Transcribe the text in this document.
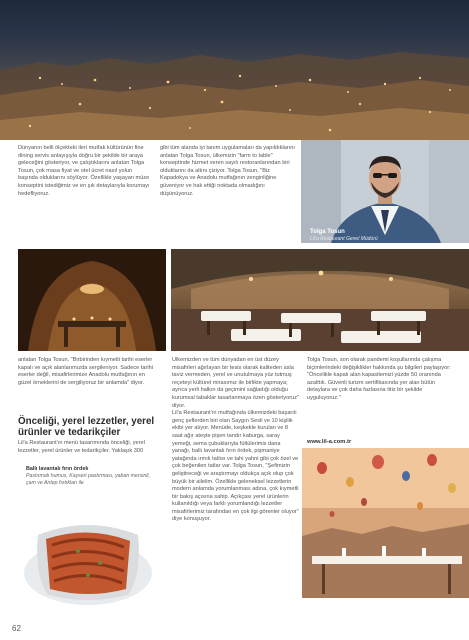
Dünyanın belli ölçekteki ileri mutfak kültürünün fine dining servis anlayışıyla doğru bir şekilde bir araya geleceğini gösteriyor, ve çalıştıklarını anlatan Tolga Tosun, çok masa fiyat ve otel ücret nasıl yolun başında olduklarını söylüyor. Özellikle yaşayan müze konseptini istediğimiz ve en şık detaylarıyla korumayı hedefliyoruz.
gibi tüm alanda iyi tanım uygulamaları da yapıldıklarını anlatan Tolga Tosun, ülkemizin "farm to table" konseptinde hizmet veren sayılı restoranlarından biri olduklarını da altını çiziyor. Tolga Tosun, "Biz Kapadokya ve Anadolu mutfağının zenginliğine güveniyor ve hak ettiği noktada olmadığını düşünüyoruz.
Tolga Tosun
Lil'a Restaurant Genel Müdürü
anlatan Tolga Tosun, "Birbirinden kıymetli tarihi eserler kapalı ve açık alanlarımızda sergileniyor. Sadece tarihi eserler değil, misafirlerimize Anadolu mutfağının en güzel örneklerini de sergiliyoruz bir anlamda" diyor.
Önceliği, yerel lezzetler, yerel ürünler ve tedarikçiler
Lil'a Restaurant'ın menü tasarımında önceliği, yerel lezzetler, yerel ürünler ve tedarikçiler. Yaklaşık 300
Ballı lavantalı fırın ördek
Pastırmalı humus, Kayseri pastırması, yaban mersinli, çam ve Antep fıstıkları ile
Ülkemizden ve tüm dünyadan en üst düzey misafirleri ağırlayan bir tesis olarak kaliteden asla taviz vermeden, yerel ve unutulmaya yüz tutmuş reçeteyi kültürel mirasımız ile birlikte yapmaya; ayrıca yerli halkın da geçimini sağladığı olduğu kurumsal tabaklar tasarlanmaya özen gösteriyoruz" diyor.
Lil'a Restaurant'ın mutfağında ülkemizdeki başarılı genç şeflerden biri olan Saygın Sesli ve 10 kişilik ekibi yer alıyor. Menüde, keşkekle kurulan ve 8 saat ağır ateşte pişen tandır kaburga, saray yemeği, sema çubuklarıyla fültülerimis dana yanağı, ballı lavantalı fırın ördek, pişmaniye yatağında ırmık tatlısı ve tahi yahni gibi çok özel ve çok beğenilen tatlar var. Tolga Tosun, "Şefimizin geliştireceği ve araştırmayı oldukça açık olup çok büyük bir ailelim. Özellikle geleneksel lezzetlerin modern anlamda yorumlanması adına, çok kıymetli bir bakış açısına sahip. Açıkçası yerel ürünlerin kullanıldığı veya farklı yorumlandığı lezzetler misafirlerimiz tarafından en çok ilgi görenler oluyor" diye konuşuyor.
Tolga Tosun, son olarak pandemi koşullarında çalışma biçimlerindeki değişiklikler hakkında şu bilgileri paylaşıyor: "Öncelikle kapalı alan kapasitemizi yüzde 50 oranında azalttık. Güvenli turizm sertifikasında yer alan bütün detaylara ve çok daha fazlasına titiz bir şekilde uyguluyoruz."
www.lil-a.com.tr
62
